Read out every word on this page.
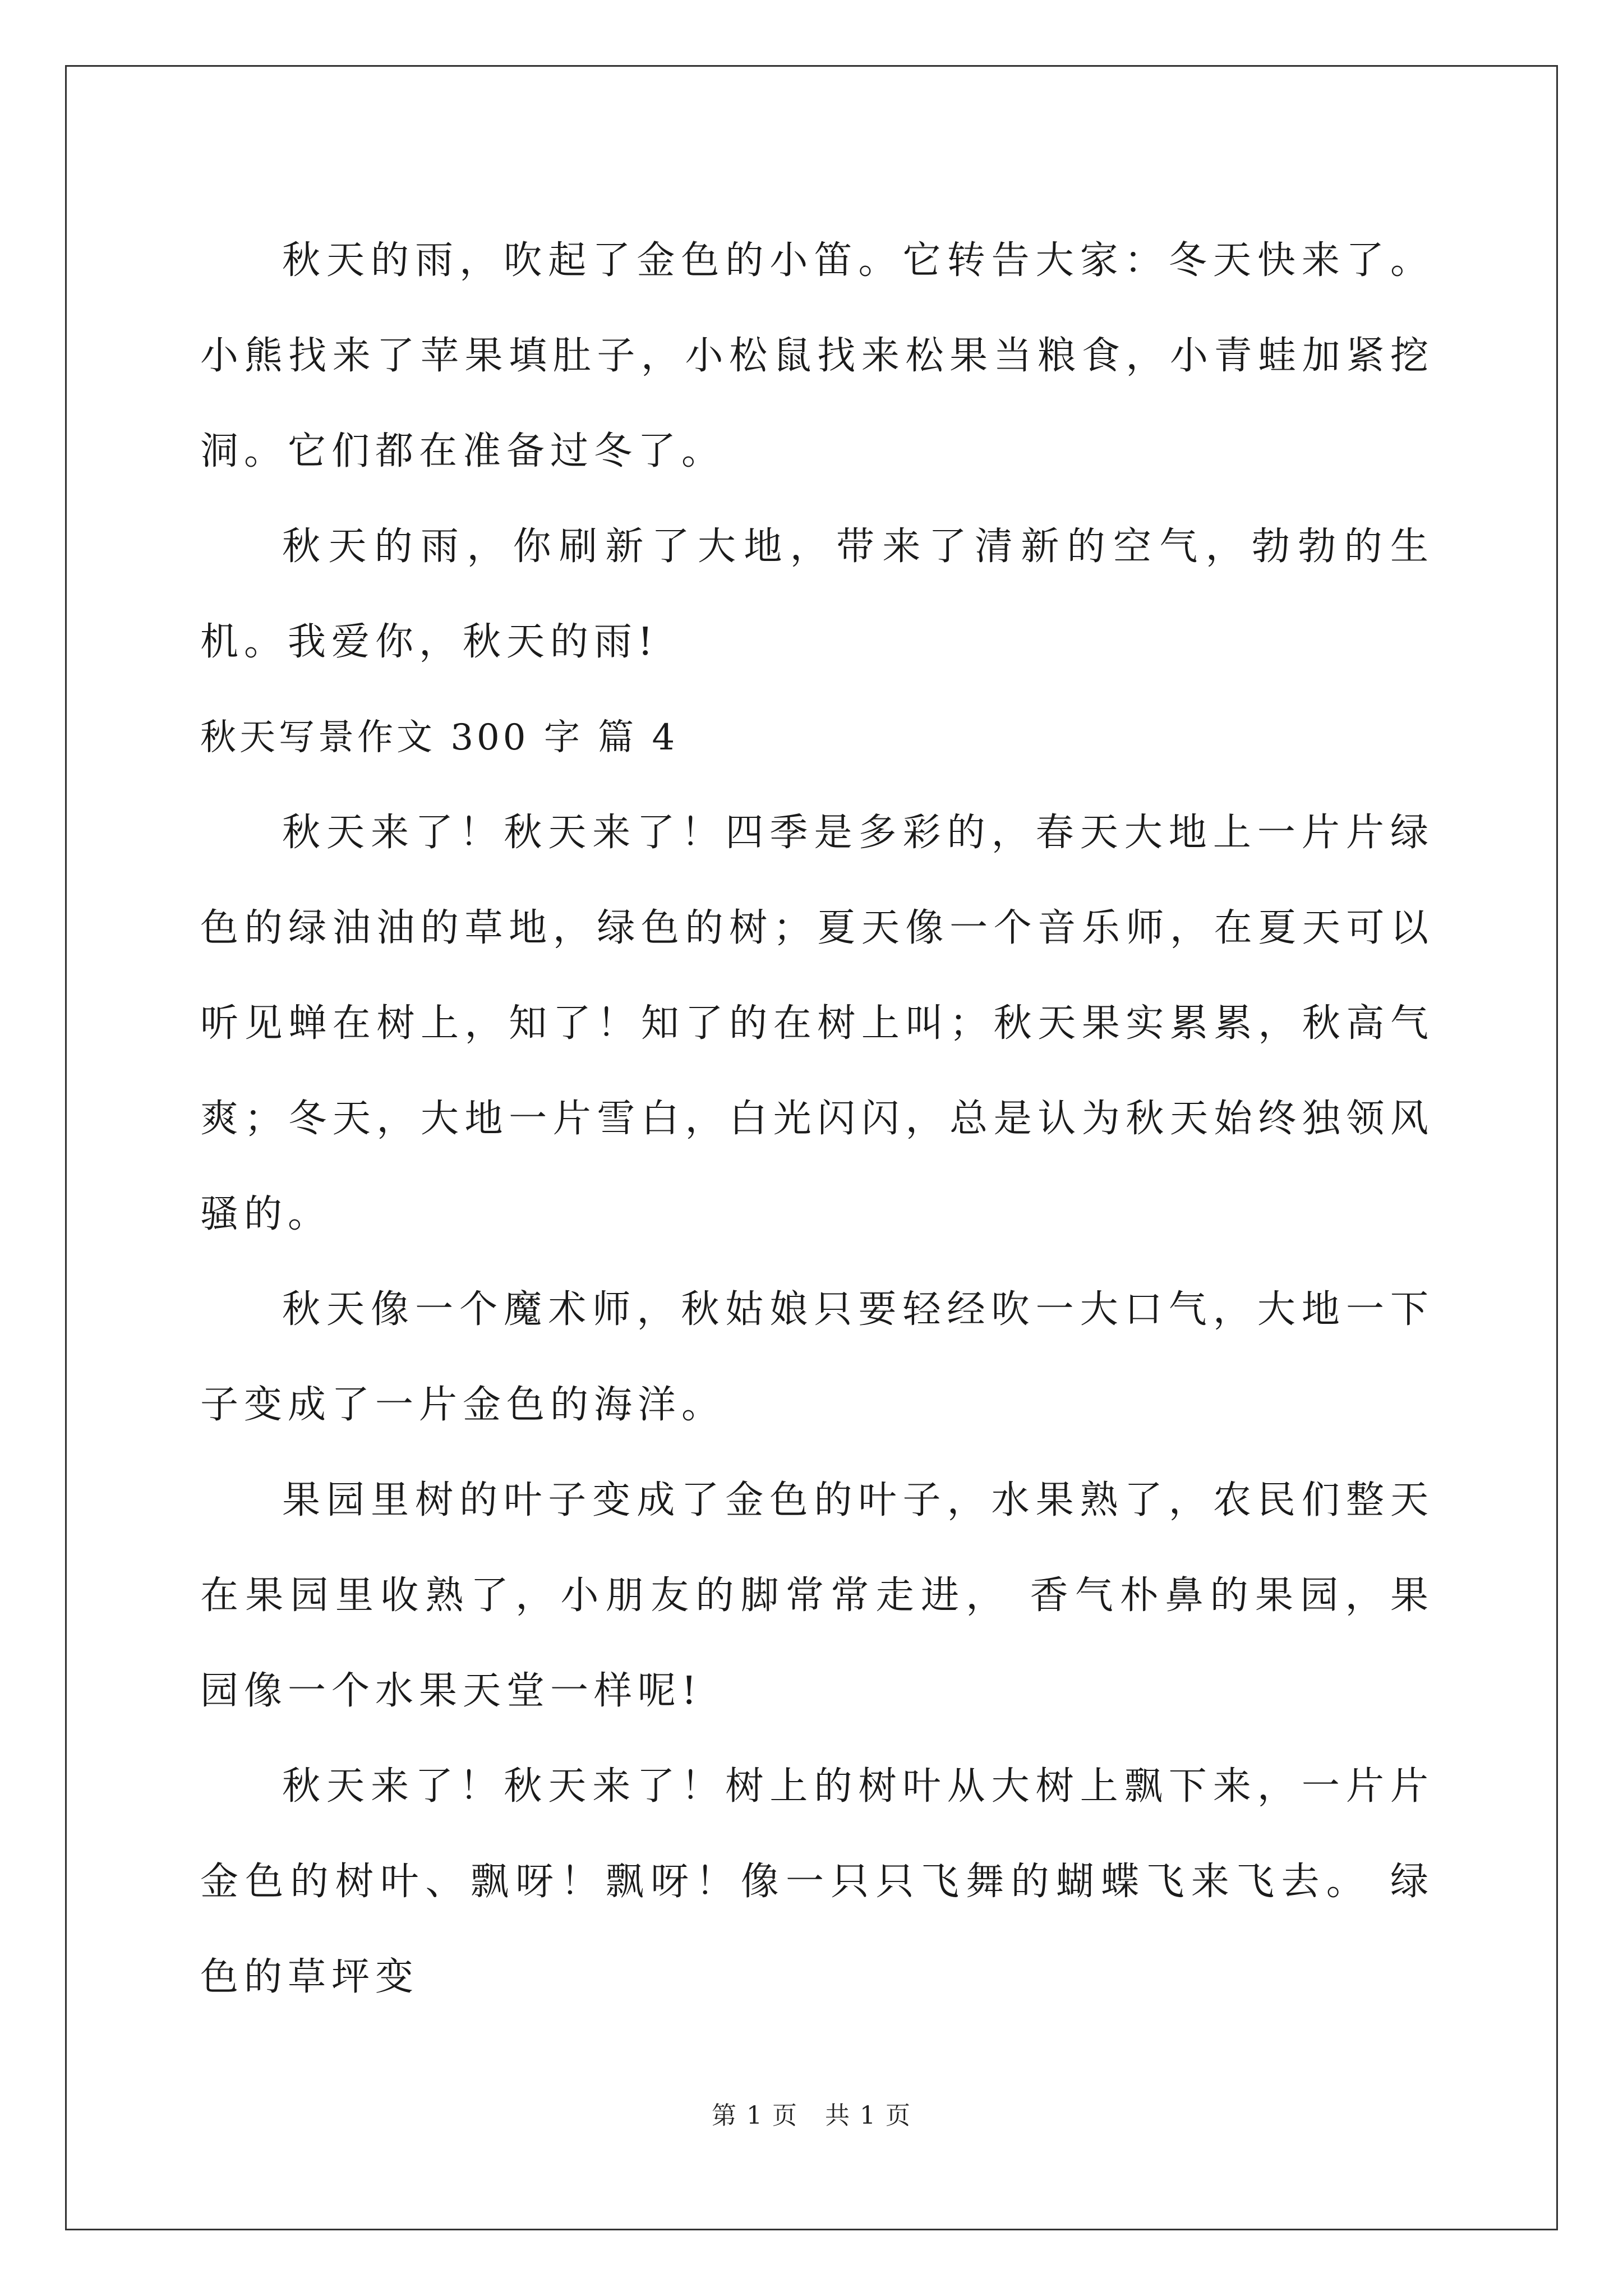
秋天的雨，吹起了金色的小笛。它转告大家：冬天快来了。小熊找来了苹果填肚子，小松鼠找来松果当粮食，小青蛙加紧挖洞。它们都在准备过冬了。

秋天的雨，你刷新了大地，带来了清新的空气，勃勃的生机。我爱你，秋天的雨!

秋天写景作文 300 字 篇 4

秋天来了！秋天来了！四季是多彩的，春天大地上一片片绿色的绿油油的草地，绿色的树；夏天像一个音乐师，在夏天可以听见蝉在树上，知了！知了的在树上叫；秋天果实累累，秋高气爽；冬天，大地一片雪白，白光闪闪，总是认为秋天始终独领风骚的。

秋天像一个魔术师，秋姑娘只要轻经吹一大口气，大地一下子变成了一片金色的海洋。

果园里树的叶子变成了金色的叶子，水果熟了，农民们整天在果园里收熟了，小朋友的脚常常走进， 香气朴鼻的果园，果园像一个水果天堂一样呢!

秋天来了！秋天来了！树上的树叶从大树上飘下来，一片片金色的树叶、飘呀！飘呀！像一只只飞舞的蝴蝶飞来飞去。 绿色的草坪变

第 1 页   共 1 页
